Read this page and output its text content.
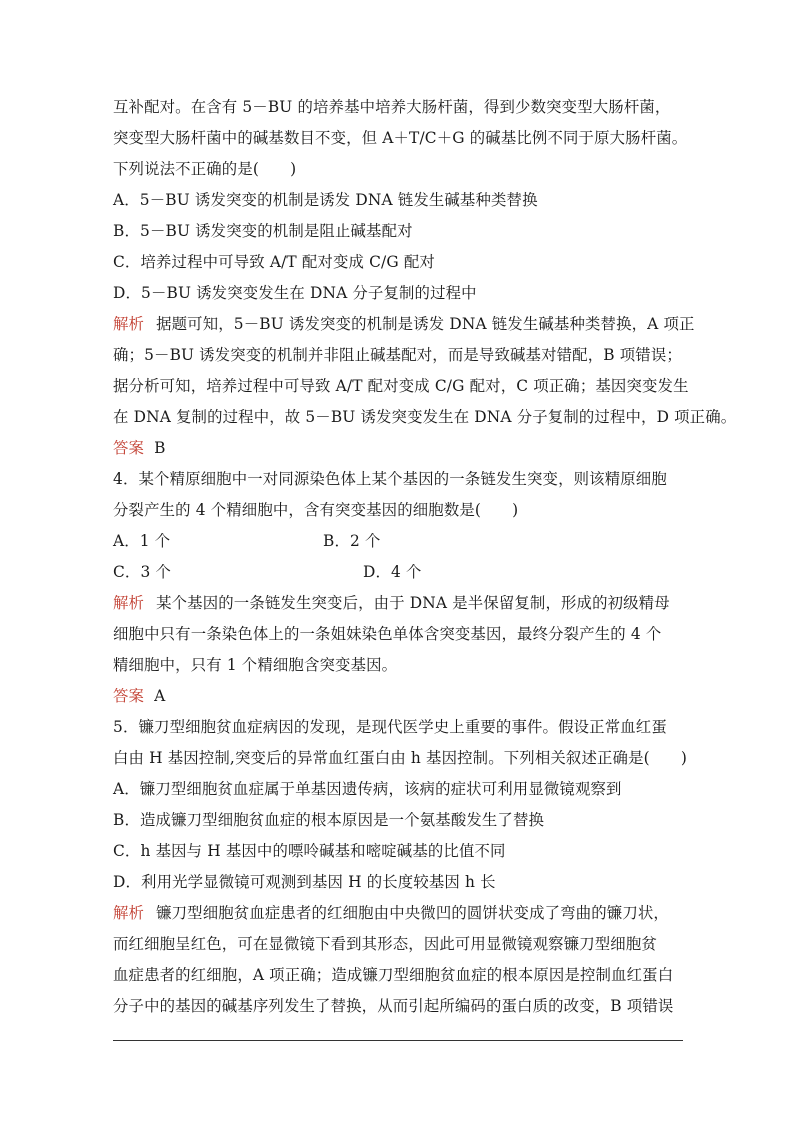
互补配对。在含有 5－BU 的培养基中培养大肠杆菌，得到少数突变型大肠杆菌，
突变型大肠杆菌中的碱基数目不变，但 A＋T/C＋G 的碱基比例不同于原大肠杆菌。
下列说法不正确的是(　　)
A．5－BU 诱发突变的机制是诱发 DNA 链发生碱基种类替换
B．5－BU 诱发突变的机制是阻止碱基配对
C．培养过程中可导致 A/T 配对变成 C/G 配对
D．5－BU 诱发突变发生在 DNA 分子复制的过程中
解析 据题可知，5－BU 诱发突变的机制是诱发 DNA 链发生碱基种类替换，A 项正
确；5－BU 诱发突变的机制并非阻止碱基配对，而是导致碱基对错配，B 项错误；
据分析可知，培养过程中可导致 A/T 配对变成 C/G 配对，C 项正确；基因突变发生
在 DNA 复制的过程中，故 5－BU 诱发突变发生在 DNA 分子复制的过程中，D 项正确。
答案 B
4．某个精原细胞中一对同源染色体上某个基因的一条链发生突变，则该精原细胞
分裂产生的 4 个精细胞中，含有突变基因的细胞数是(　　)
A．1 个	B．2 个
C．3 个	D．4 个
解析 某个基因的一条链发生突变后，由于 DNA 是半保留复制，形成的初级精母
细胞中只有一条染色体上的一条姐妹染色单体含突变基因，最终分裂产生的 4 个
精细胞中，只有 1 个精细胞含突变基因。
答案 A
5．镰刀型细胞贫血症病因的发现，是现代医学史上重要的事件。假设正常血红蛋
白由 H 基因控制,突变后的异常血红蛋白由 h 基因控制。下列相关叙述正确是(　　)
A．镰刀型细胞贫血症属于单基因遗传病，该病的症状可利用显微镜观察到
B．造成镰刀型细胞贫血症的根本原因是一个氨基酸发生了替换
C．h 基因与 H 基因中的嘌呤碱基和嘧啶碱基的比值不同
D．利用光学显微镜可观测到基因 H 的长度较基因 h 长
解析 镰刀型细胞贫血症患者的红细胞由中央微凹的圆饼状变成了弯曲的镰刀状，
而红细胞呈红色，可在显微镜下看到其形态，因此可用显微镜观察镰刀型细胞贫
血症患者的红细胞，A 项正确；造成镰刀型细胞贫血症的根本原因是控制血红蛋白
分子中的基因的碱基序列发生了替换，从而引起所编码的蛋白质的改变，B 项错误
